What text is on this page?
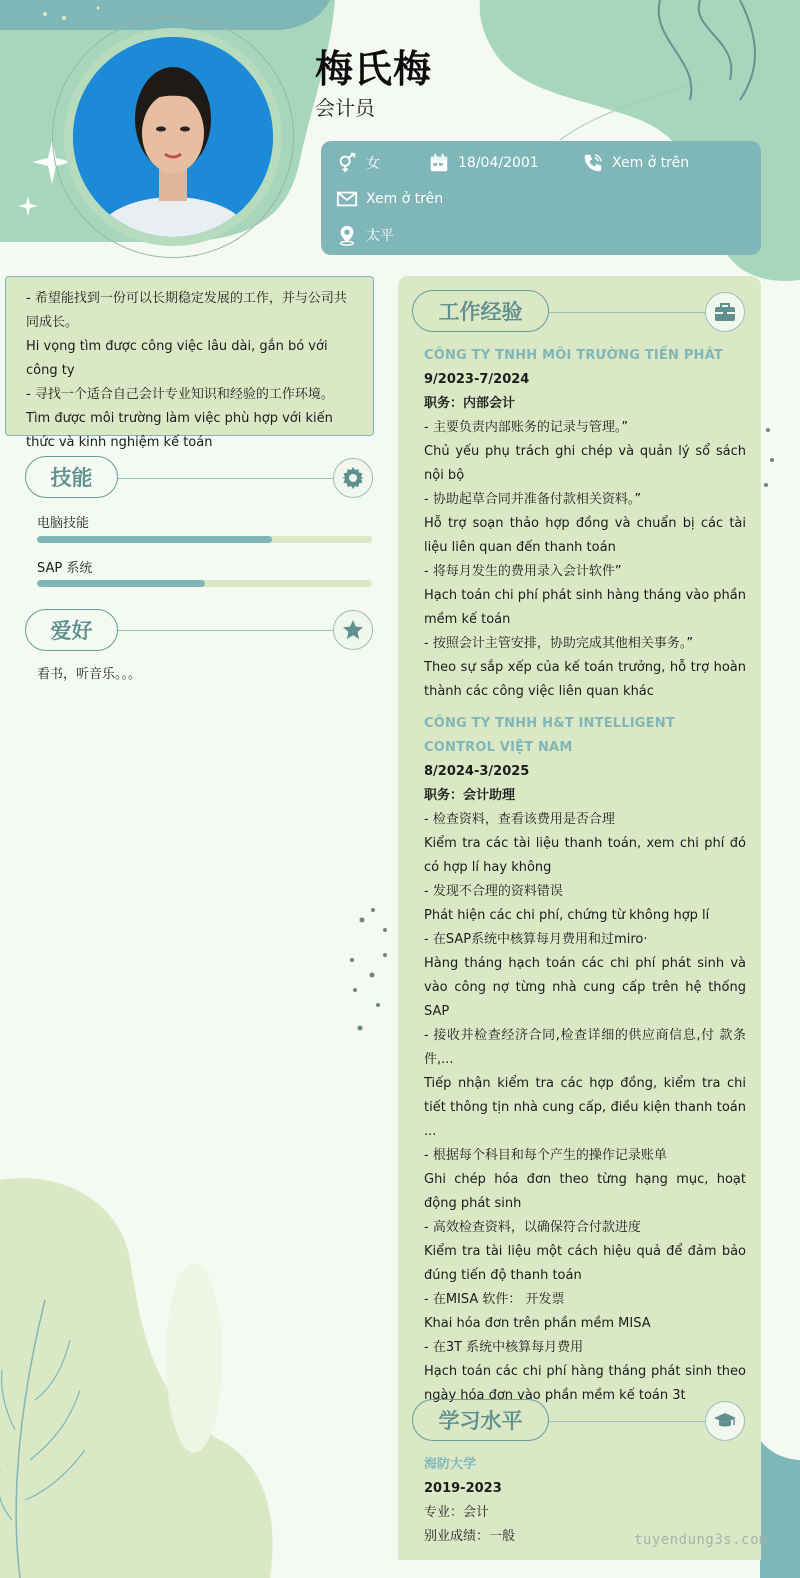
梅氏梅
会计员
女	18/04/2001	Xem ở trên
Xem ở trên
太平

- 希望能找到一份可以长期稳定发展的工作，并与公司共同成长。

Hi vọng tìm được công việc lâu dài, gắn bó với công ty

- 寻找一个适合自己会计专业知识和经验的工作环境。

Tìm được môi trường làm việc phù hợp với kiến thức và kinh nghiệm kế toán

技能
电脑技能
SAP 系统
爱好
看书，听音乐。。。
工作经验
CÔNG TY TNHH MÔI TRƯỜNG TIẾN PHÁT
9/2023-7/2024
职务：内部会计
- 主要负责内部账务的记录与管理。”
Chủ yếu phụ trách ghi chép và quản lý sổ sách nội bộ
- 协助起草合同并准备付款相关资料。”
Hỗ trợ soạn thảo hợp đồng và chuẩn bị các tài liệu liên quan đến thanh toán
- 将每月发生的费用录入会计软件”
Hạch toán chi phí phát sinh hàng tháng vào phần mềm kế toán
- 按照会计主管安排，协助完成其他相关事务。”
Theo sự sắp xếp của kế toán trưởng, hỗ trợ hoàn thành các công việc liên quan khác
CÔNG TY TNHH H&T INTELLIGENT CONTROL VIỆT NAM
8/2024-3/2025
职务：会计助理
- 检查资料，查看该费用是否合理
Kiểm tra các tài liệu thanh toán, xem chi phí đó có hợp lí hay không
- 发现不合理的资料错误
Phát hiện các chi phí, chứng từ không hợp lí
- 在SAP系统中核算每月费用和过miro·
Hàng tháng hạch toán các chi phí phát sinh và vào công nợ từng nhà cung cấp trên hệ thống SAP
- 接收并检查经济合同,检查详细的供应商信息,付 款条件,...
Tiếp nhận kiểm tra các hợp đồng, kiểm tra chi tiết thông tịn nhà cung cấp, điều kiện thanh toán ...
- 根据每个科目和每个产生的操作记录账单
Ghi chép hóa đơn theo từng hạng mục, hoạt động phát sinh
- 高效检查资料，以确保符合付款进度
Kiểm tra tài liệu một cách hiệu quả để đảm bảo đúng tiến độ thanh toán
- 在MISA 软件： 开发票
Khai hóa đơn trên phần mềm MISA
- 在3T 系统中核算每月费用
Hạch toán các chi phí hàng tháng phát sinh theo ngày hóa đơn vào phần mềm kế toán 3t
学习水平
海防大学
2019-2023
专业：会计
别业成绩：一般	tuyendung3s.com
